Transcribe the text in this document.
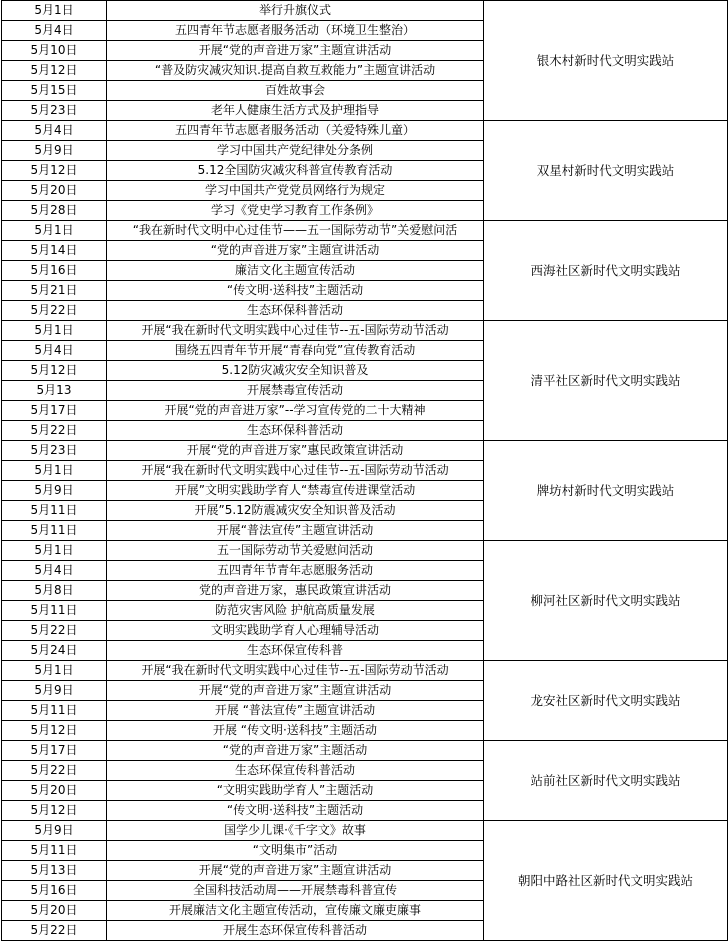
5月1日	举行升旗仪式	银木村新时代文明实践站
5月4日	五四青年节志愿者服务活动（环境卫生整治）	
5月10日	开展“党的声音进万家”主题宣讲活动	
5月12日	“普及防灾减灾知识.提高自救互救能力”主题宣讲活动	
5月15日	百姓故事会	
5月23日	老年人健康生活方式及护理指导	
5月4日	五四青年节志愿者服务活动（关爱特殊儿童）	双星村新时代文明实践站
5月9日	学习中国共产党纪律处分条例	
5月12日	5.12全国防灾减灾科普宣传教育活动	
5月20日	学习中国共产党党员网络行为规定	
5月28日	学习《党史学习教育工作条例》	
5月1日	“我在新时代文明中心过佳节——五一国际劳动节”关爱慰问活	西海社区新时代文明实践站
5月14日	“党的声音进万家”主题宣讲活动	
5月16日	廉洁文化主题宣传活动	
5月21日	“传文明·送科技”主题活动	
5月22日	生态环保科普活动	
5月1日	开展“我在新时代文明实践中心过佳节--五-国际劳动节活动	清平社区新时代文明实践站
5月4日	围绕五四青年节开展“青春向党”宣传教育活动	
5月12日	5.12防灾减灾安全知识普及	
5月13	开展禁毒宣传活动	
5月17日	开展“党的声音进万家”--学习宣传党的二十大精神	
5月22日	生态环保科普活动	
5月23日	开展“党的声音进万家”惠民政策宣讲活动	牌坊村新时代文明实践站
5月1日	开展“我在新时代文明实践中心过佳节--五-国际劳动节活动	
5月9日	开展”文明实践助学育人“禁毒宣传进课堂活动	
5月11日	开展”5.12防震减灾安全知识普及活动	
5月11日	开展“普法宣传”主题宣讲活动	
5月1日	五一国际劳动节关爱慰问活动	柳河社区新时代文明实践站
5月4日	五四青年节青年志愿服务活动	
5月8日	党的声音进万家，惠民政策宣讲活动	
5月11日	防范灾害风险 护航高质量发展	
5月22日	文明实践助学育人心理辅导活动	
5月24日	生态环保宣传科普	
5月1日	开展“我在新时代文明实践中心过佳节--五-国际劳动节活动	龙安社区新时代文明实践站
5月9日	开展“党的声音进万家”主题宣讲活动	
5月11日	开展 “普法宣传”主题宣讲活动	
5月12日	开展 “传文明·送科技”主题活动	
5月17日	“党的声音进万家”主题活动	站前社区新时代文明实践站
5月22日	生态环保宣传科普活动	
5月20日	“文明实践助学育人”主题活动	
5月12日	“传文明·送科技”主题活动	
5月9日	国学少儿课·《千字文》故事	朝阳中路社区新时代文明实践站
5月11日	“文明集市”活动	
5月13日	开展“党的声音进万家”主题宣讲活动	
5月16日	全国科技活动周——开展禁毒科普宣传	
5月20日	开展廉洁文化主题宣传活动，宣传廉文廉吏廉事	
5月22日	开展生态环保宣传科普活动	
